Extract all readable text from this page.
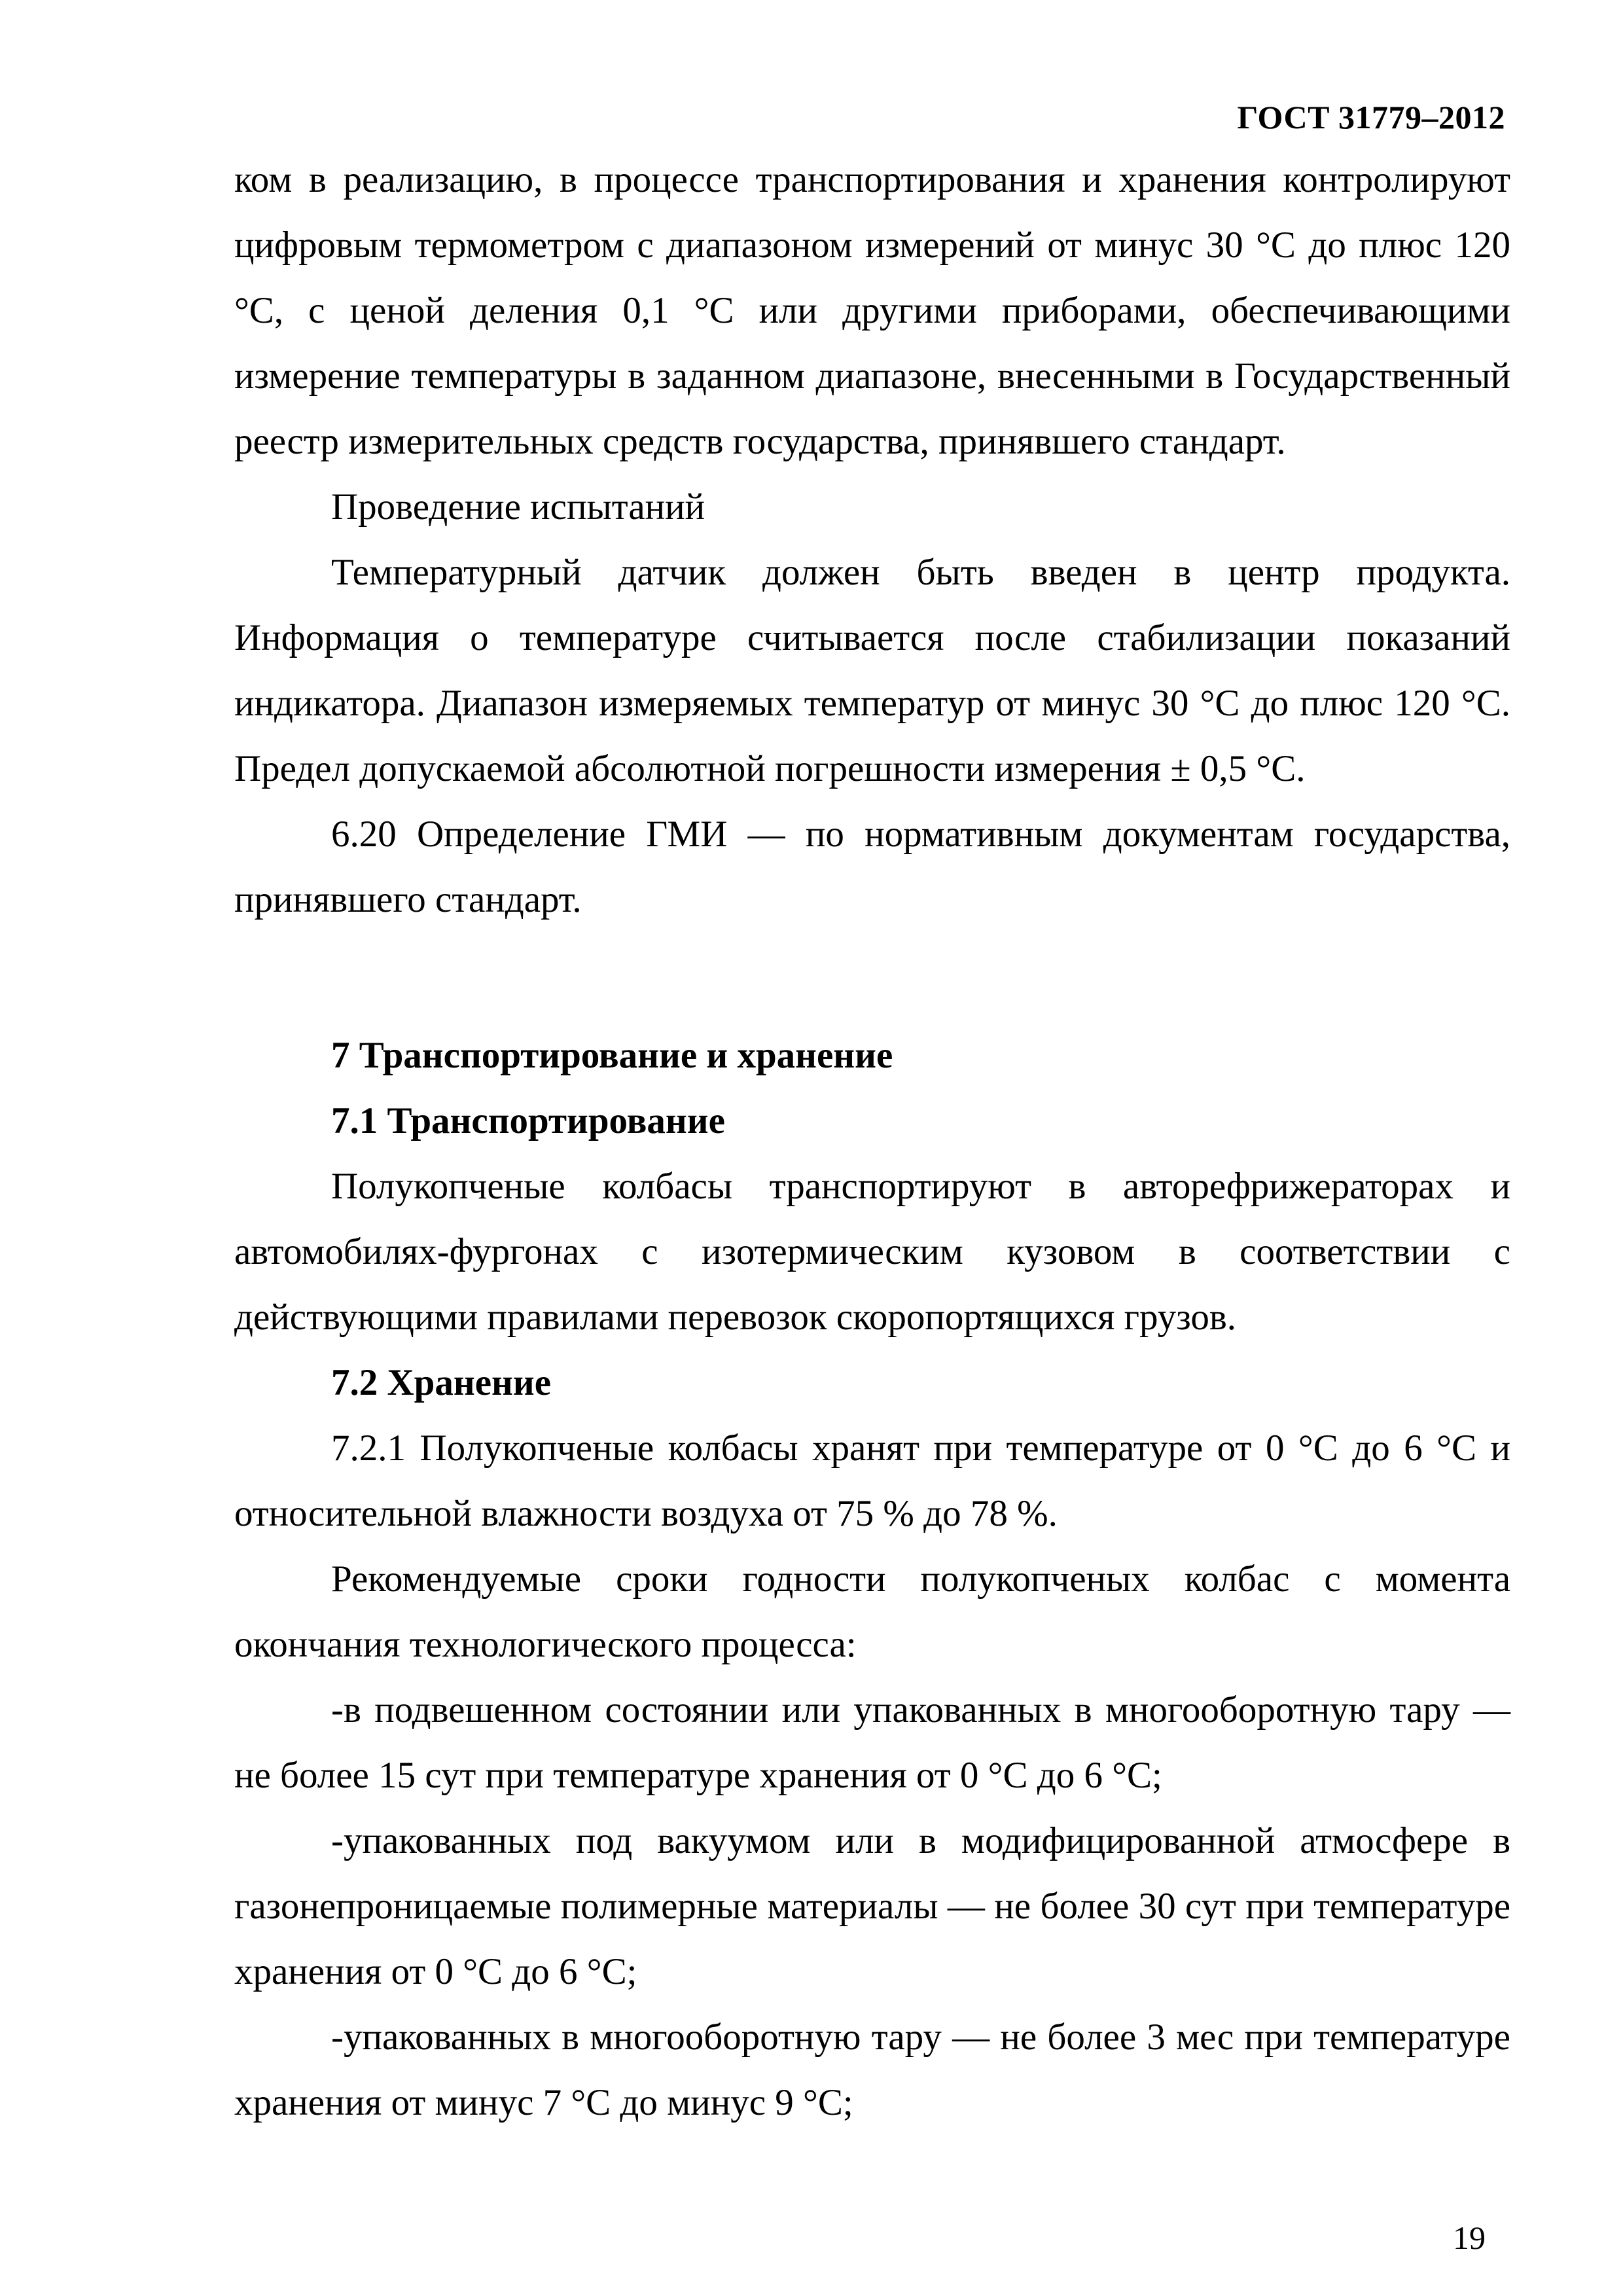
ГОСТ 31779–2012

ком в реализацию, в процессе транспортирования и хранения контролируют цифровым термометром с диапазоном измерений от минус 30 °С до плюс 120 °С, с ценой деления 0,1 °С или другими приборами, обеспечивающими измерение температуры в заданном диапазоне, внесенными в Государственный реестр измерительных средств государства, принявшего стандарт.

Проведение испытаний

Температурный датчик должен быть введен в центр продукта. Информация о температуре считывается после стабилизации показаний индикатора. Диапазон измеряемых температур от минус 30 °С до плюс 120 °С. Предел допускаемой абсолютной погрешности измерения ± 0,5 °С.

6.20 Определение ГМИ — по нормативным документам государства, принявшего стандарт.

7 Транспортирование и хранение

7.1 Транспортирование

Полукопченые колбасы транспортируют в авторефрижераторах и автомобилях-фургонах с изотермическим кузовом в соответствии с действующими правилами перевозок скоропортящихся грузов.

7.2 Хранение

7.2.1 Полукопченые колбасы хранят при температуре от 0 °С до 6 °С и относительной влажности воздуха от 75 % до 78 %.

Рекомендуемые сроки годности полукопченых колбас с момента окончания технологического процесса:

-в подвешенном состоянии или упакованных в многооборотную тару — не более 15 сут при температуре хранения от 0 °С до 6 °С;

-упакованных под вакуумом или в модифицированной атмосфере в газонепроницаемые полимерные материалы — не более 30 сут при температуре хранения от 0 °С до 6 °С;

-упакованных в многооборотную тару — не более 3 мес при температуре хранения от минус 7 °С до минус 9 °С;

19
